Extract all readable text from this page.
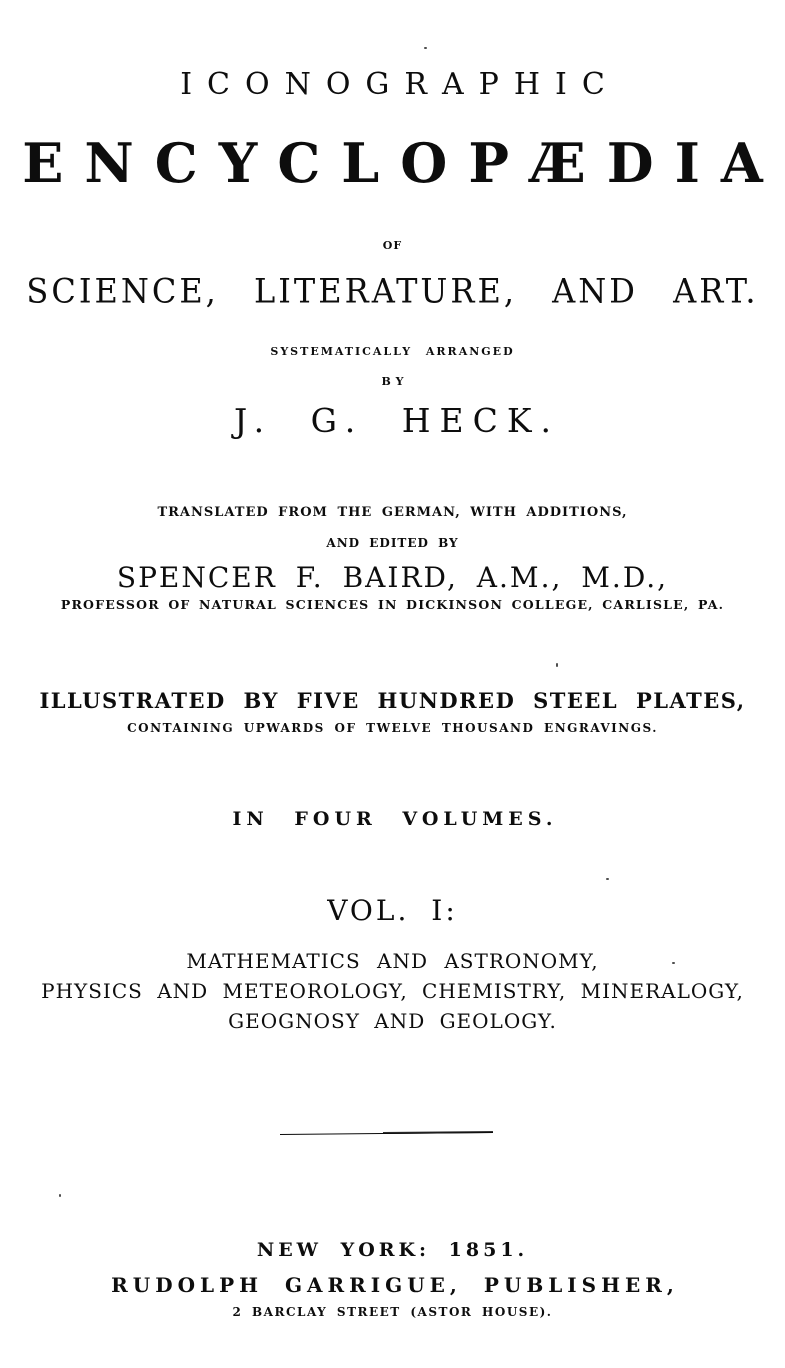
ICONOGRAPHIC
ENCYCLOPÆDIA
OF
SCIENCE, LITERATURE, AND ART.
SYSTEMATICALLY ARRANGED
BY
J. G. HECK.
TRANSLATED FROM THE GERMAN, WITH ADDITIONS,
AND EDITED BY
SPENCER F. BAIRD, A.M., M.D.,
PROFESSOR OF NATURAL SCIENCES IN DICKINSON COLLEGE, CARLISLE, PA.
ILLUSTRATED BY FIVE HUNDRED STEEL PLATES,
CONTAINING UPWARDS OF TWELVE THOUSAND ENGRAVINGS.
IN FOUR VOLUMES.
VOL. I:
MATHEMATICS AND ASTRONOMY,
PHYSICS AND METEOROLOGY, CHEMISTRY, MINERALOGY,
GEOGNOSY AND GEOLOGY.
NEW YORK: 1851.
RUDOLPH GARRIGUE, PUBLISHER,
2 BARCLAY STREET (ASTOR HOUSE).
